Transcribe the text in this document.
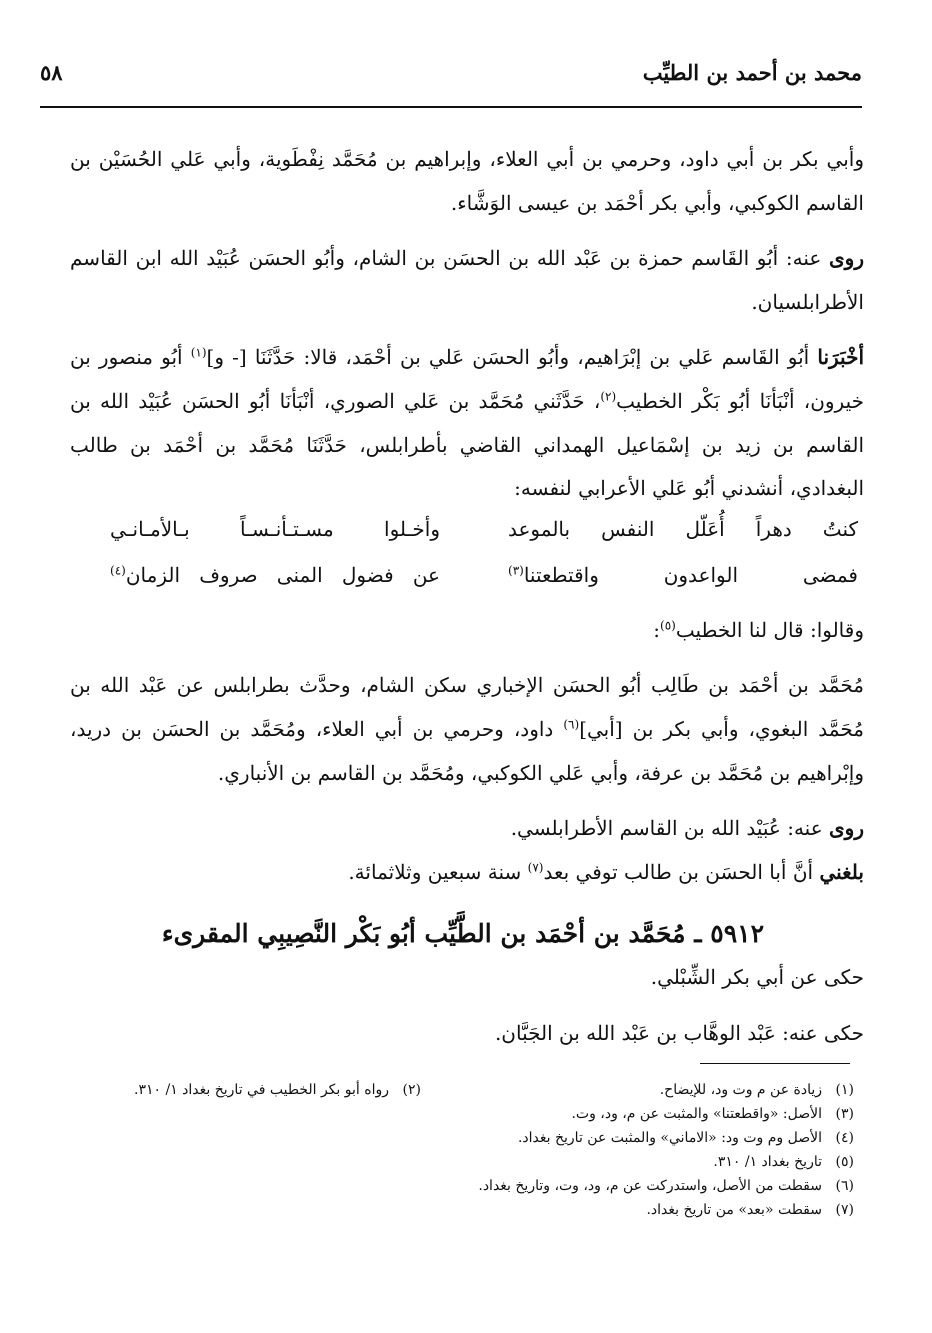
محمد بن أحمد بن الطيِّب
٥٨

وأبي بكر بن أبي داود، وحرمي بن أبي العلاء، وإبراهيم بن مُحَمَّد نِفْطَوية، وأبي عَلي الحُسَيْن بن القاسم الكوكبي، وأبي بكر أحْمَد بن عيسى الوَشَّاء.

روى عنه: أبُو القَاسم حمزة بن عَبْد الله بن الحسَن بن الشام، وأبُو الحسَن عُبَيْد الله ابن القاسم الأطرابلسيان.

أخْبَرَنا أبُو القَاسم عَلي بن إبْرَاهيم، وأبُو الحسَن عَلي بن أحْمَد، قالا: حَدَّثَنَا [- و]$^{(١)}$ أبُو منصور بن خيرون، أنْبَأنَا أبُو بَكْر الخطيب$^{(٢)}$، حَدَّثَني مُحَمَّد بن عَلي الصوري، أنْبَأنَا أبُو الحسَن عُبَيْد الله بن القاسم بن زيد بن إسْمَاعيل الهمداني القاضي بأطرابلس، حَدَّثَنَا مُحَمَّد بن أحْمَد بن طالب البغدادي، أنشدني أبُو عَلي الأعرابي لنفسه:

كنتُ دهراً أُعَلّل النفس بالموعد
وأخـلوا مسـتـأنـسـاً بـالأمـانـي
فمضى الواعدون واقتطعتنا$^{(٣)}$
عن فضول المنى صروف الزمان$^{(٤)}$

وقالوا: قال لنا الخطيب$^{(٥)}$:

مُحَمَّد بن أحْمَد بن طَالِب أبُو الحسَن الإخباري سكن الشام، وحدَّث بطرابلس عن عَبْد الله بن مُحَمَّد البغوي، وأبي بكر بن [أبي]$^{(٦)}$ داود، وحرمي بن أبي العلاء، ومُحَمَّد بن الحسَن بن دريد، وإبْراهيم بن مُحَمَّد بن عرفة، وأبي عَلي الكوكبي، ومُحَمَّد بن القاسم بن الأنباري.

روى عنه: عُبَيْد الله بن القاسم الأطرابلسي.

بلغني أنَّ أبا الحسَن بن طالب توفي بعد$^{(٧)}$ سنة سبعين وثلاثمائة.

٥٩١٢ ـ مُحَمَّد بن أحْمَد بن الطَّيِّب أبُو بَكْر النَّصِيبِي المقرىء

حكى عن أبي بكر الشِّبْلي.

حكى عنه: عَبْد الوهَّاب بن عَبْد الله بن الجَبَّان.

(١)زيادة عن م وت ود، للإيضاح.
(٢)رواه أبو بكر الخطيب في تاريخ بغداد ١/ ٣١٠.
(٣)الأصل: «واقطعتنا» والمثبت عن م، ود، وت.
(٤)الأصل وم وت ود: «الاماني» والمثبت عن تاريخ بغداد.
(٥)تاريخ بغداد ١/ ٣١٠.
(٦)سقطت من الأصل، واستدركت عن م، ود، وت، وتاريخ بغداد.
(٧)سقطت «بعد» من تاريخ بغداد.
